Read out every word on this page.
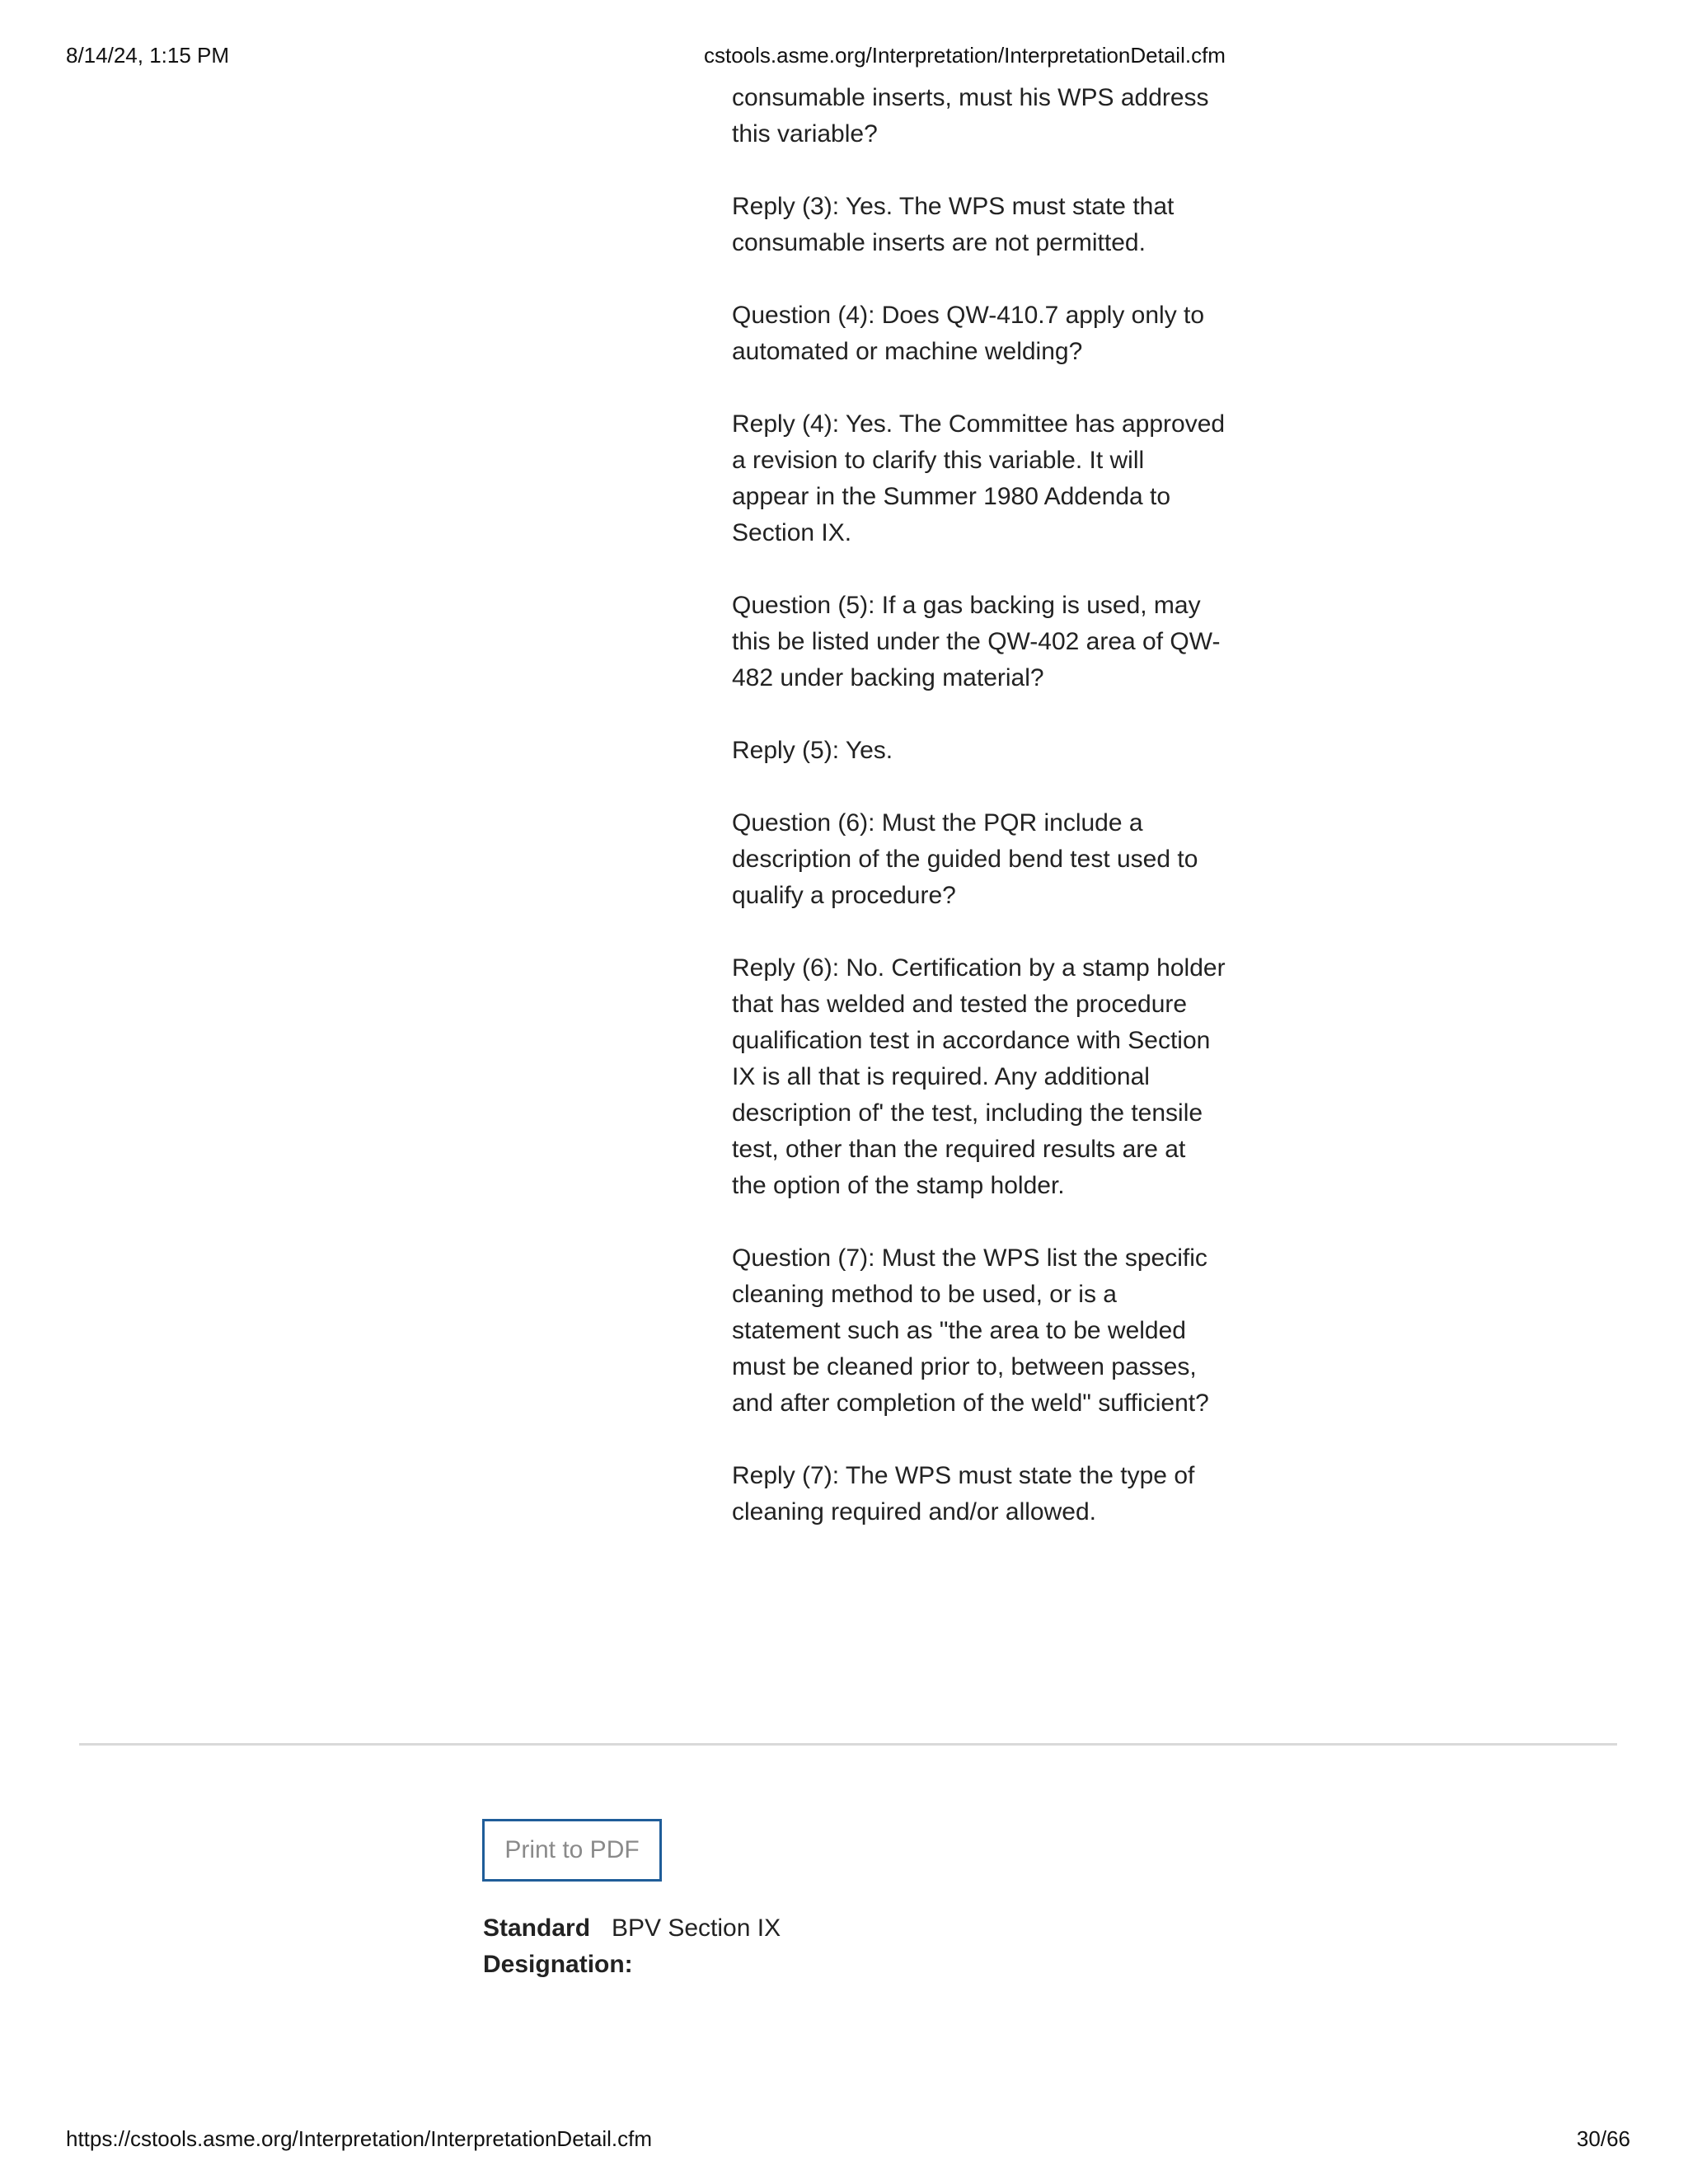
8/14/24, 1:15 PM	cstools.asme.org/Interpretation/InterpretationDetail.cfm

consumable inserts, must his WPS address this variable?

Reply (3): Yes. The WPS must state that consumable inserts are not permitted.

Question (4): Does QW-410.7 apply only to automated or machine welding?

Reply (4): Yes. The Committee has approved a revision to clarify this variable. It will appear in the Summer 1980 Addenda to Section IX.

Question (5): If a gas backing is used, may this be listed under the QW-402 area of QW-482 under backing material?

Reply (5): Yes.

Question (6): Must the PQR include a description of the guided bend test used to qualify a procedure?

Reply (6): No. Certification by a stamp holder that has welded and tested the procedure qualification test in accordance with Section IX is all that is required. Any additional description of' the test, including the tensile test, other than the required results are at the option of the stamp holder.

Question (7): Must the WPS list the specific cleaning method to be used, or is a statement such as "the area to be welded must be cleaned prior to, between passes, and after completion of the weld" sufficient?

Reply (7): The WPS must state the type of cleaning required and/or allowed.

Print to PDF
Standard Designation:
BPV Section IX
https://cstools.asme.org/Interpretation/InterpretationDetail.cfm	30/66
